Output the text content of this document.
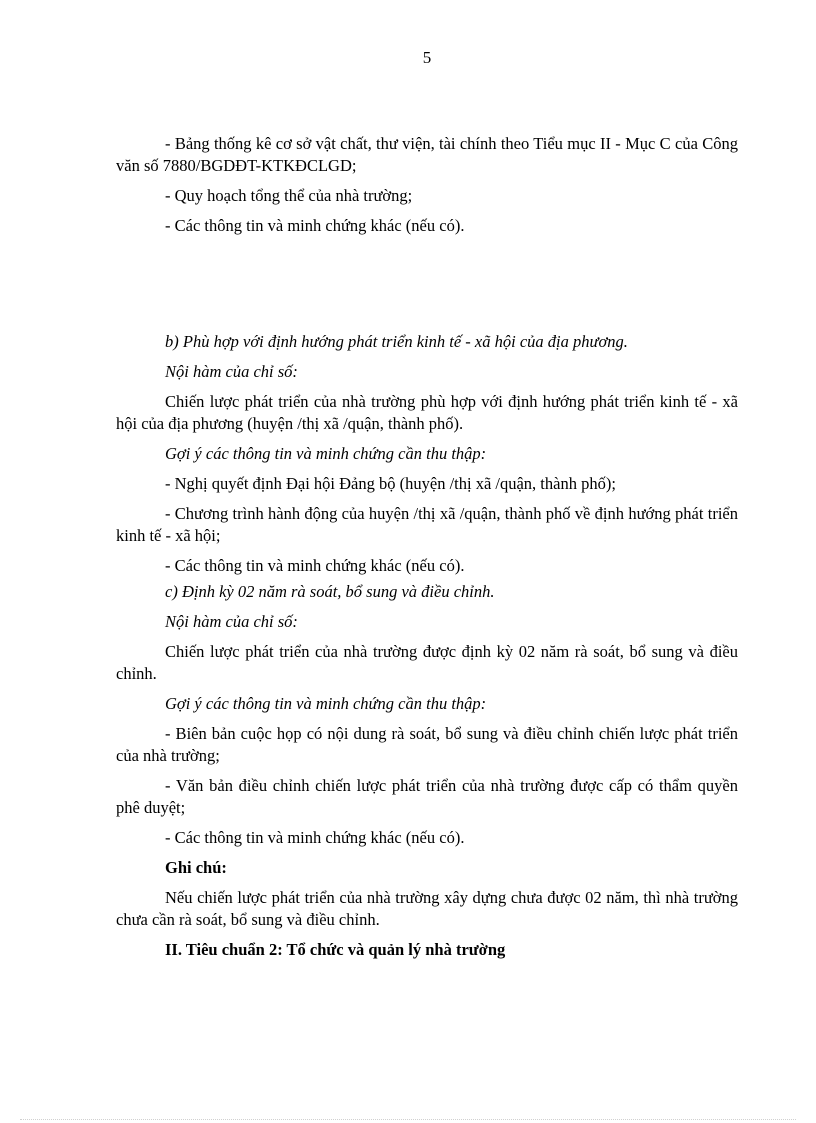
5

- Bảng thống kê cơ sở vật chất, thư viện, tài chính theo Tiểu mục II - Mục C của Công văn số 7880/BGDĐT-KTKĐCLGD;

- Quy hoạch tổng thể của nhà trường;

- Các thông tin và minh chứng khác (nếu có).

b) Phù hợp với định hướng phát triển kinh tế - xã hội của địa phương.

Nội hàm của chỉ số:

Chiến lược phát triển của nhà trường phù hợp với định hướng phát triển kinh tế - xã hội của địa phương (huyện /thị xã /quận, thành phố).

Gợi ý các thông tin và minh chứng cần thu thập:

- Nghị quyết định Đại hội Đảng bộ (huyện /thị xã /quận, thành phố);

- Chương trình hành động của huyện /thị xã /quận, thành phố về định hướng phát triển kinh tế - xã hội;

- Các thông tin và minh chứng khác (nếu có).

c) Định kỳ 02 năm rà soát, bổ sung và điều chỉnh.

Nội hàm của chỉ số:

Chiến lược phát triển của nhà trường được định kỳ 02 năm rà soát, bổ sung và điều chỉnh.

Gợi ý các thông tin và minh chứng cần thu thập:

- Biên bản cuộc họp có nội dung rà soát, bổ sung và điều chỉnh chiến lược phát triển của nhà trường;

- Văn bản điều chỉnh chiến lược phát triển của nhà trường được cấp có thẩm quyền phê duyệt;

- Các thông tin và minh chứng khác (nếu có).

Ghi chú:

Nếu chiến lược phát triển của nhà trường xây dựng chưa được 02 năm, thì nhà trường chưa cần rà soát, bổ sung và điều chỉnh.

II. Tiêu chuẩn 2: Tổ chức và quản lý nhà trường
